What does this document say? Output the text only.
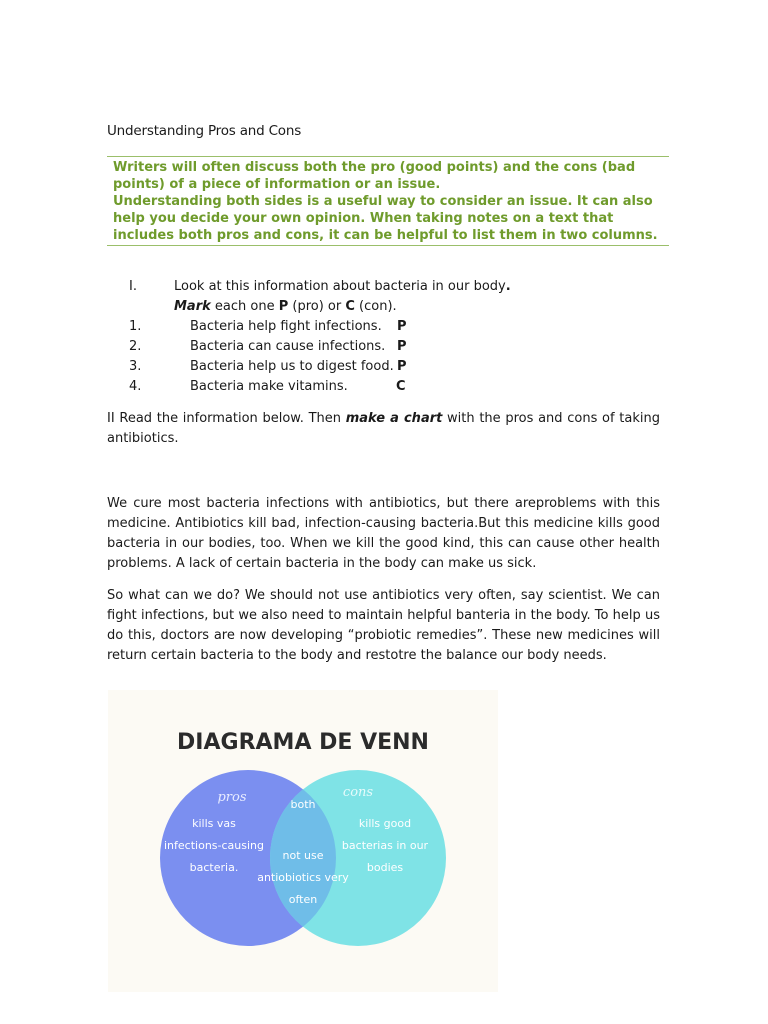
Understanding Pros and Cons

Writers will often discuss both the pro (good points) and the cons (bad points) of a piece of information or an issue.

Understanding both sides is a useful way to consider an issue. It can also help you decide your own opinion. When taking notes on a text that includes both pros and cons, it can be helpful to list them in two columns.

I.	Look at this information about bacteria in our body.
Mark each one P (pro) or C (con).
1.	Bacteria help fight infections. P
2.	Bacteria can cause infections. P
3.	Bacteria help us to digest food. P
4.	Bacteria make vitamins.	C

II Read the information below. Then make a chart with the pros and cons of taking antibiotics.

We cure most bacteria infections with antibiotics, but there areproblems with this medicine. Antibiotics kill bad, infection-causing bacteria.But this medicine kills good bacteria in our bodies, too. When we kill the good kind, this can cause other health problems. A lack of certain bacteria in the body can make us sick.

So what can we do? We should not use antibiotics very often, say scientist. We can fight infections, but we also need to maintain helpful banteria in the body. To help us do this, doctors are now developing “probiotic remedies”. These new medicines will return certain bacteria to the body and restotre the balance our body needs.

DIAGRAMA DE VENN
pros	cons
both
kills vas
infections-causing
bacteria.
not use
antiobiotics very
often
kills good
bacterias in our
bodies
